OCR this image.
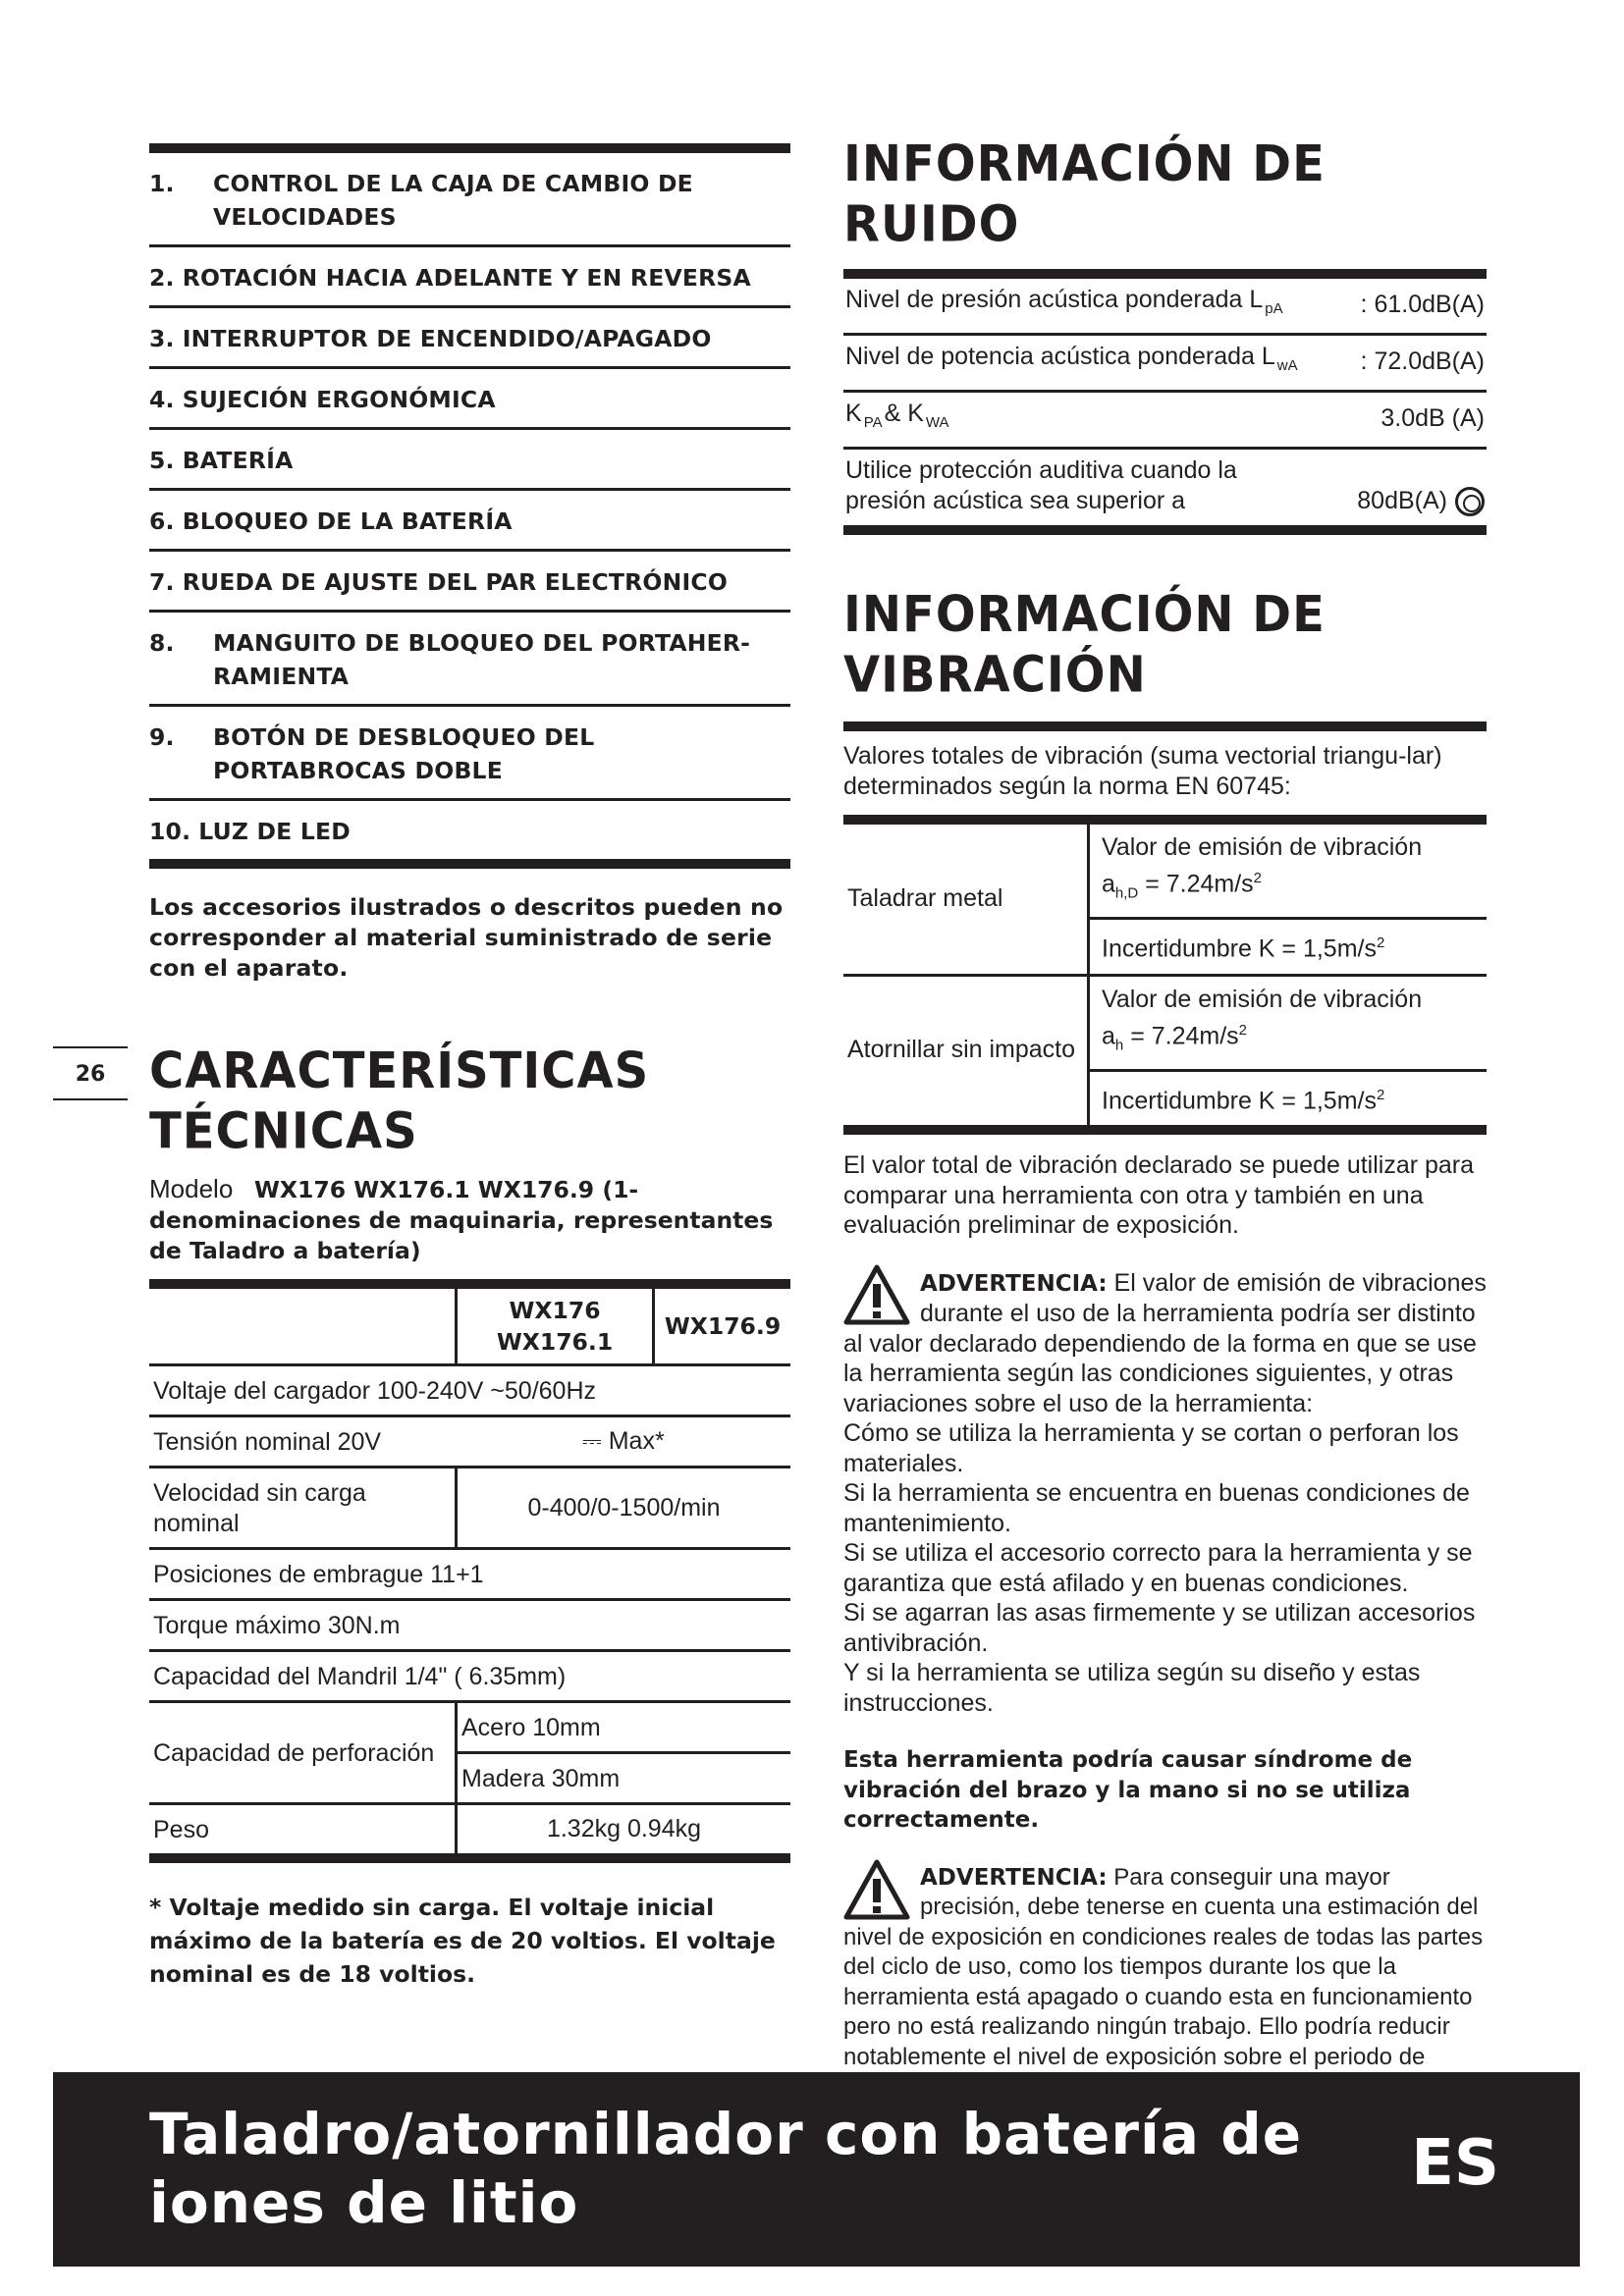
1.	CONTROL DE LA CAJA DE CAMBIO DE VELOCIDADES
2. ROTACIÓN HACIA ADELANTE Y EN REVERSA
3. INTERRUPTOR DE ENCENDIDO/APAGADO
4. SUJECIÓN ERGONÓMICA
5. BATERÍA
6. BLOQUEO DE LA BATERÍA
7. RUEDA DE AJUSTE DEL PAR ELECTRÓNICO
8.	MANGUITO DE BLOQUEO DEL PORTAHER-RAMIENTA
9.	BOTÓN DE DESBLOQUEO DEL PORTABROCAS DOBLE
10. LUZ DE LED
Los accesorios ilustrados o descritos pueden no corresponder al material suministrado de serie con el aparato.
CARACTERÍSTICAS TÉCNICAS
Modelo WX176 WX176.1 WX176.9 (1- denominaciones de maquinaria, representantes de Taladro a batería)

	WX176 WX176.1	WX176.9
Voltaje del cargador 100-240V ~50/60Hz		
Tensión nominal 20V	⎓ Max*	
Velocidad sin carga nominal	0-400/0-1500/min	
Posiciones de embrague 11+1		
Torque máximo 30N.m		
Capacidad del Mandril 1/4" ( 6.35mm)		
Capacidad de perforación	Acero 10mm	
	Madera 30mm	
Peso	1.32kg 0.94kg	

* Voltaje medido sin carga. El voltaje inicial máximo de la batería es de 20 voltios. El voltaje nominal es de 18 voltios.
INFORMACIÓN DE RUIDO
Nivel de presión acústica ponderada L $_{pA}$	: 61.0dB(A)
Nivel de potencia acústica ponderada L $_{wA}$	: 72.0dB(A)
K $_{PA}$& K $_{WA}$	3.0dB (A)
Utilice protección auditiva cuando la presión acústica sea superior a	80dB(A)
INFORMACIÓN DE VIBRACIÓN
Valores totales de vibración (suma vectorial triangu-lar) determinados según la norma EN 60745:

Taladrar metal	Valor de emisión de vibración
$a_{h,D} = 7.24m/s^2$

	Incertidumbre $K = 1,5m/s^2$
Atornillar sin impacto	Valor de emisión de vibración
$a_h = 7.24m/s^2$

	Incertidumbre $K = 1,5m/s^2$

El valor total de vibración declarado se puede utilizar para comparar una herramienta con otra y también en una evaluación preliminar de exposición.
ADVERTENCIA: El valor de emisión de vibraciones durante el uso de la herramienta podría ser distinto al valor declarado dependiendo de la forma en que se use la herramienta según las condiciones siguientes, y otras variaciones sobre el uso de la herramienta:
Cómo se utiliza la herramienta y se cortan o perforan los materiales.
Si la herramienta se encuentra en buenas condiciones de mantenimiento.
Si se utiliza el accesorio correcto para la herramienta y se garantiza que está afilado y en buenas condiciones.
Si se agarran las asas firmemente y se utilizan accesorios antivibración.
Y si la herramienta se utiliza según su diseño y estas instrucciones.
Esta herramienta podría causar síndrome de vibración del brazo y la mano si no se utiliza correctamente.
ADVERTENCIA: Para conseguir una mayor precisión, debe tenerse en cuenta una estimación del nivel de exposición en condiciones reales de todas las partes del ciclo de uso, como los tiempos durante los que la herramienta está apagado o cuando esta en funcionamiento pero no está realizando ningún trabajo. Ello podría reducir notablemente el nivel de exposición sobre el periodo de
26
Taladro/atornillador con batería de iones de litio
ES
